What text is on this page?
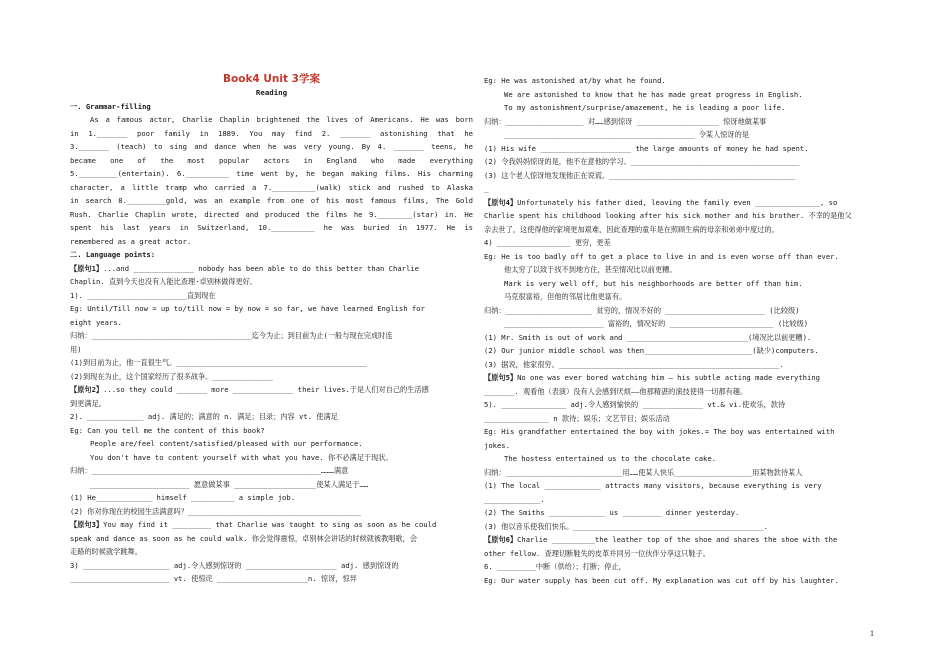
Book4 Unit 3学案
Reading
一. Grammar-filling
As a famous actor, Charlie Chaplin brightened the lives of Americans. He was born
in 1._______ poor family in 1889. You may find 2. _______ astonishing that he
3._______ (teach) to sing and dance when he was very young. By 4. _______ teens, he
became one of the most popular actors in England who made everything
5._________(entertain). 6.__________ time went by, he began making films. His charming
character, a little tramp who carried a 7.__________(walk) stick and rushed to Alaska
in search 8._________gold, was an example from one of his most famous films, The Gold
Rush. Charlie Chaplin wrote, directed and produced the films he 9.________(star) in. He
spent his last years in Switzerland, 10.__________ he was buried in 1977. He is
remembered as a great actor.
二. Language points:
【原句1】...and ______________ nobody has been able to do this better than Charlie
Chaplin. 直到今天也没有人能比查理·卓别林做得更好。
1). _______________________直到现在
Eg: Until/Till now = up to/till now = by now = so far, we have learned English for
eight years.
归纳：_____________________________________迄今为止；到目前为止(一般与现在完成时连
用)
(1)到目前为止，他一直很生气。____________________________________________
(2)到现在为止，这个国家经历了很多战争。______________
【原句2】...so they could _______ more ______________ their lives.于是人们对自己的生活感
到更满足。
2). _____________ adj. 满足的；满意的 n. 满足；目录；内容 vt. 使满足
Eg: Can you tell me the content of this book?
People are/feel content/satisfied/pleased with our performance.
You don't have to content yourself with what you have. 你不必满足于现状。
归纳：_____________________________________________________………满意
_______________________ 愿意做某事 ___________________使某人满足于……
(1) He_____________ himself __________ a simple job.
(2) 你对你现在的校园生活满意吗？________________________________________
【原句3】You may find it _________ that Charlie was taught to sing as soon as he could
speak and dance as soon as he could walk. 你会觉得震惊，卓别林会讲话的时候就被教唱歌，会
走路的时候就学跳舞。
3) ____________________ adj.令人感到惊讶的 _____________________ adj. 感到惊讶的
_______________________ vt. 使惊诧 _____________________n. 惊讶，惊异
Eg: He was astonished at/by what he found.
We are astonished to know that he has made great progress in English.
To my astonishment/surprise/amazement, he is leading a poor life.
归纳：__________________ 对……感到惊讶 ___________________ 惊讶地做某事
____________________________________________ 令某人惊讶的是
(1) His wife _____________________ the large amounts of money he had spent.
(2) 令我妈妈惊讶的是，他不在意他的学习。_______________________________________
(3) 这个老人惊讶地发现他正在说谎。___________________________________________
_
【原句4】Unfortunately his father died, leaving the family even _______________, so
Charlie spent his childhood looking after his sick mother and his brother. 不幸的是他父
亲去世了，这使得他的家境更加艰难，因此查理的童年是在照顾生病的母亲和弟弟中度过的。
4) _________________ 更穷，更差
Eg: He is too badly off to get a place to live in and is even worse off than ever.
他太穷了以致于找不到地方住，甚至情况比以前更糟。
Mark is very well off, but his neighborhoods are better off than him.
马克很富裕，但他的邻居比他更富有。
归纳：____________________ 贫穷的，情况不好的 _______________________ (比较级)
_______________________ 富裕的，情况好的 ________________________ (比较级)
(1) Mr. Smith is out of work and ____________________________(境况比以前更糟).
(2) Our junior middle school was then_________________________(缺少)computers.
(3) 据说，他家很穷。___________________________________________________.
【原句5】No one was ever bored watching him — his subtle acting made everything
_______. 观看他（表演）没有人会感到厌烦——他那精湛的演技使得一切都有趣。
5). _______________ adj.令人感到愉快的 ______________ vt.& vi.使欢乐，款待
_______________ n 款待；娱乐；文艺节目；娱乐活动
Eg: His grandfather entertained the boy with jokes.= The boy was entertained with
jokes.
The hostess entertained us to the chocolate cake.
归纳：___________________________用……使某人快乐__________________用某物款待某人
(1) The local _____________ attracts many visitors, because everything is very
_____________.
(2) The Smiths _____________ us _________ dinner yesterday.
(3) 他以音乐使我们快乐。____________________________________________.
【原句6】Charlie __________the leather top of the shoe and shares the shoe with the
other fellow. 查理切断鞋失的皮革并同另一位伙伴分享这只鞋子。
6. _________中断（供给）；打断；停止，
Eg: Our water supply has been cut off. My explanation was cut off by his laughter.
1
